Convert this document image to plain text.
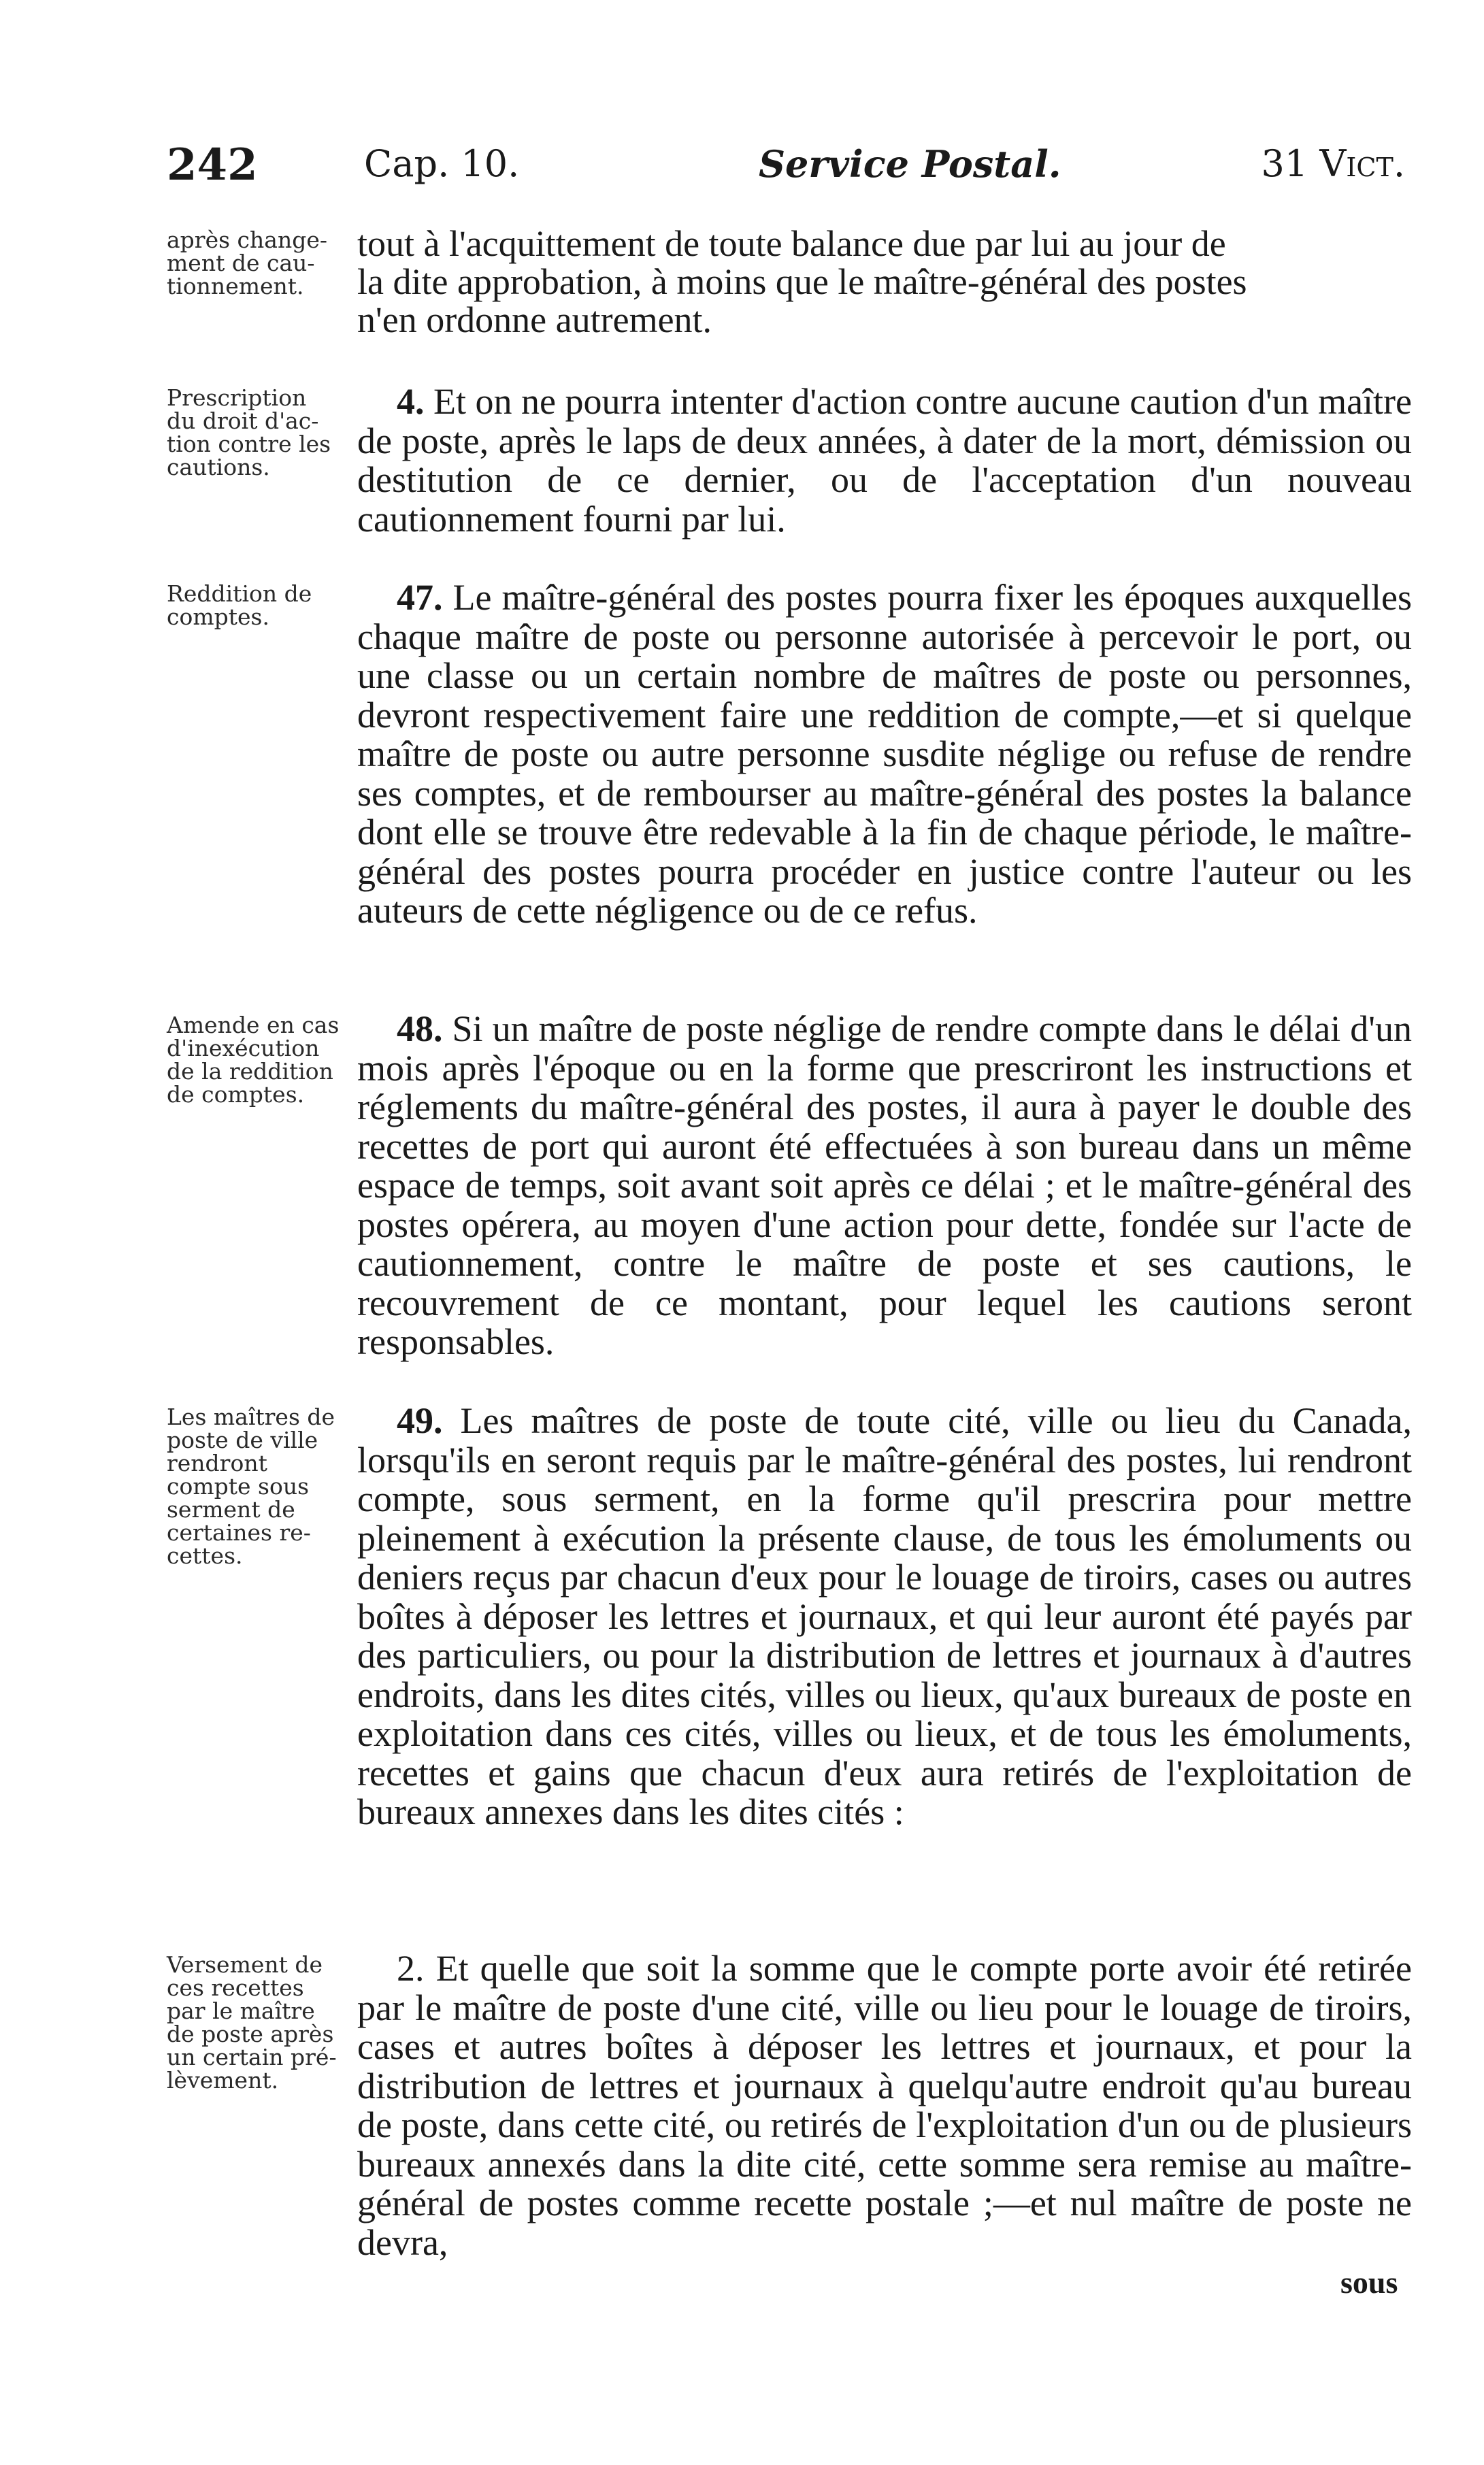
242	Cap. 10.	Service Postal.	31 Vict.
après change-
ment de cau-
tionnement.
tout à l'acquittement de toute balance due par lui au jour de
la dite approbation, à moins que le maître-général des postes
n'en ordonne autrement.
Prescription
du droit d'ac-
tion contre les
cautions.
4. Et on ne pourra intenter d'action contre aucune caution d'un maître de poste, après le laps de deux années, à dater de la mort, démission ou destitution de ce dernier, ou de l'acceptation d'un nouveau cautionnement fourni par lui.
Reddition de
comptes.	47. Le maître-général des postes pourra fixer les époques auxquelles chaque maître de poste ou personne autorisée à percevoir le port, ou une classe ou un certain nombre de maîtres de poste ou personnes, devront respectivement faire une reddition de compte,—et si quelque maître de poste ou autre personne susdite néglige ou refuse de rendre ses comptes, et de rembourser au maître-général des postes la balance dont elle se trouve être redevable à la fin de chaque période, le maître-général des postes pourra procéder en justice contre l'auteur ou les auteurs de cette négligence ou de ce refus.
Amende en cas
d'inexécution
de la reddition
de comptes.
48. Si un maître de poste néglige de rendre compte dans le délai d'un mois après l'époque ou en la forme que prescriront les instructions et réglements du maître-général des postes, il aura à payer le double des recettes de port qui auront été effectuées à son bureau dans un même espace de temps, soit avant soit après ce délai ; et le maître-général des postes opérera, au moyen d'une action pour dette, fondée sur l'acte de cautionnement, contre le maître de poste et ses cautions, le recouvrement de ce montant, pour lequel les cautions seront responsables.
Les maîtres de
poste de ville
rendront
compte sous
serment de
certaines re-
cettes.
49. Les maîtres de poste de toute cité, ville ou lieu du Canada, lorsqu'ils en seront requis par le maître-général des postes, lui rendront compte, sous serment, en la forme qu'il prescrira pour mettre pleinement à exécution la présente clause, de tous les émoluments ou deniers reçus par chacun d'eux pour le louage de tiroirs, cases ou autres boîtes à déposer les lettres et journaux, et qui leur auront été payés par des particuliers, ou pour la distribution de lettres et journaux à d'autres endroits, dans les dites cités, villes ou lieux, qu'aux bureaux de poste en exploitation dans ces cités, villes ou lieux, et de tous les émoluments, recettes et gains que chacun d'eux aura retirés de l'exploitation de bureaux annexes dans les dites cités :
Versement de
ces recettes
par le maître
de poste après
un certain pré-
lèvement.
2. Et quelle que soit la somme que le compte porte avoir été retirée par le maître de poste d'une cité, ville ou lieu pour le louage de tiroirs, cases et autres boîtes à déposer les lettres et journaux, et pour la distribution de lettres et journaux à quelqu'autre endroit qu'au bureau de poste, dans cette cité, ou retirés de l'exploitation d'un ou de plusieurs bureaux annexés dans la dite cité, cette somme sera remise au maître-général de postes comme recette postale ;—et nul maître de poste ne devra,
sous
